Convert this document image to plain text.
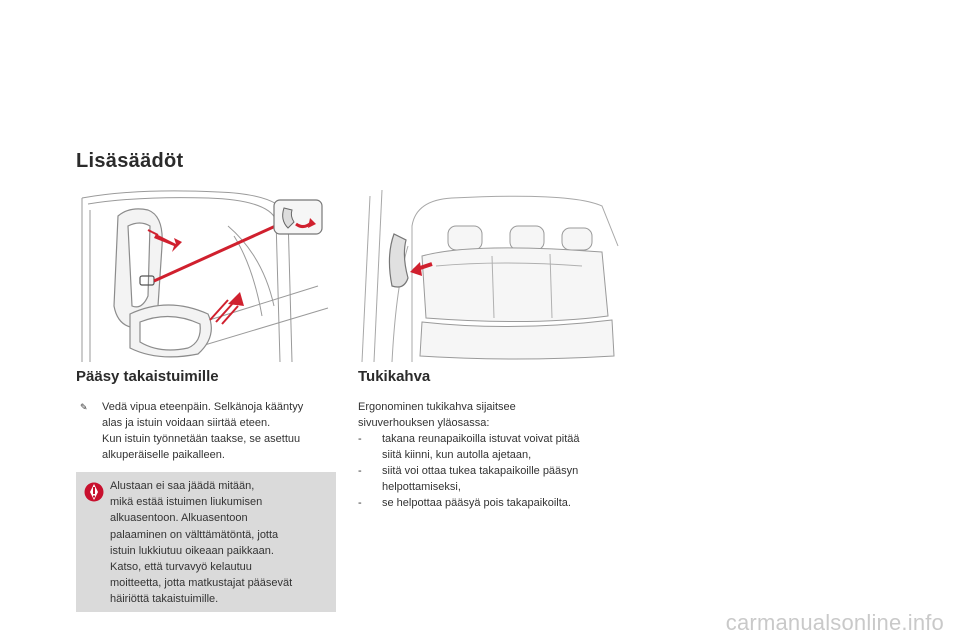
Lisäsäädöt
Pääsy takaistuimille
✎	Vedä vipua eteenpäin. Selkänoja kääntyy

alas ja istuin voidaan siirtää eteen.

Kun istuin työnnetään taakse, se asettuu

alkuperäiselle paikalleen.

Alustaan ei saa jäädä mitään,

mikä estää istuimen liukumisen

alkuasentoon. Alkuasentoon

palaaminen on välttämätöntä, jotta

istuin lukkiutuu oikeaan paikkaan.

Katso, että turvavyö kelautuu

moitteetta, jotta matkustajat pääsevät

häiriöttä takaistuimille.

Tukikahva

Ergonominen tukikahva sijaitsee

sivuverhouksen yläosassa:

-	takana reunapaikoilla istuvat voivat pitää
siitä kiinni, kun autolla ajetaan,
-	siitä voi ottaa tukea takapaikoille pääsyn
helpottamiseksi,
-	se helpottaa pääsyä pois takapaikoilta.
carmanualsonline.info
